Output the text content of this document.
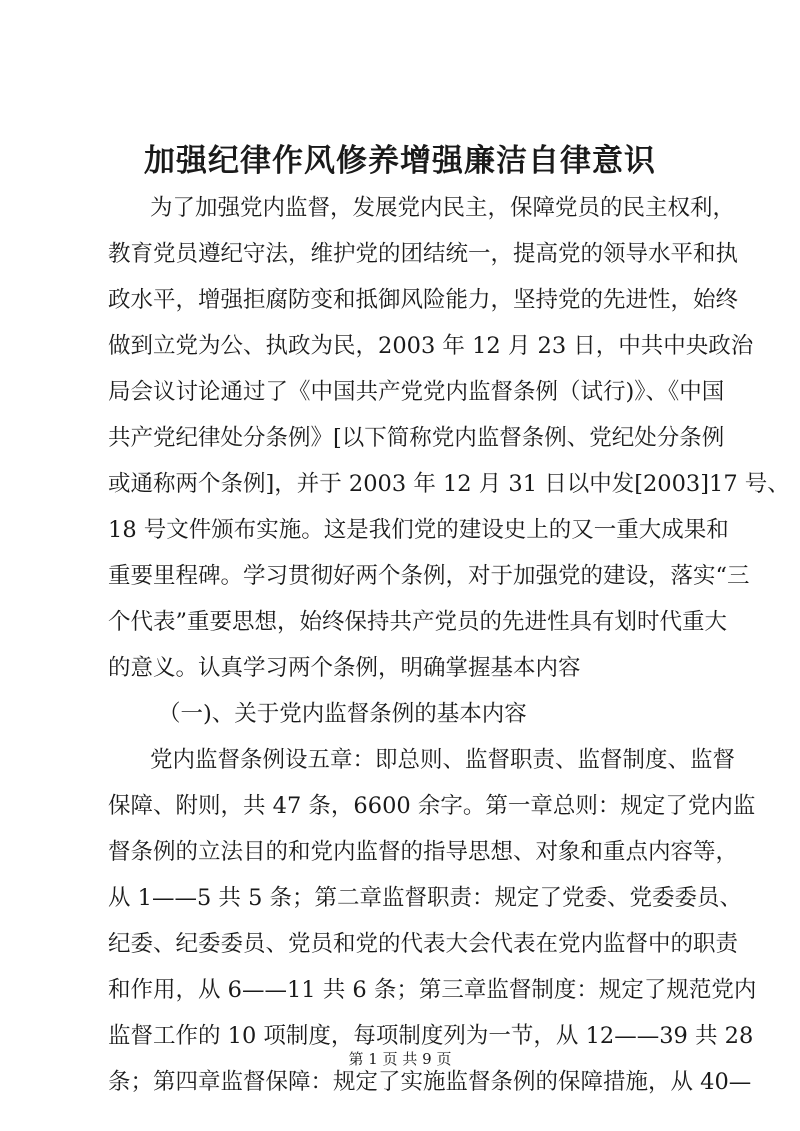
加强纪律作风修养增强廉洁自律意识
为了加强党内监督，发展党内民主，保障党员的民主权利，
教育党员遵纪守法，维护党的团结统一，提高党的领导水平和执
政水平，增强拒腐防变和抵御风险能力，坚持党的先进性，始终
做到立党为公、执政为民，2003 年 12 月 23 日，中共中央政治
局会议讨论通过了《中国共产党党内监督条例（试行)》、《中国
共产党纪律处分条例》[以下简称党内监督条例、党纪处分条例
或通称两个条例]，并于 2003 年 12 月 31 日以中发[2003]17 号、
18 号文件颁布实施。这是我们党的建设史上的又一重大成果和
重要里程碑。学习贯彻好两个条例，对于加强党的建设，落实“三
个代表”重要思想，始终保持共产党员的先进性具有划时代重大
的意义。认真学习两个条例，明确掌握基本内容
（一)、关于党内监督条例的基本内容
党内监督条例设五章：即总则、监督职责、监督制度、监督
保障、附则，共 47 条，6600 余字。第一章总则：规定了党内监
督条例的立法目的和党内监督的指导思想、对象和重点内容等，
从 1——5 共 5 条；第二章监督职责：规定了党委、党委委员、
纪委、纪委委员、党员和党的代表大会代表在党内监督中的职责
和作用，从 6——11 共 6 条；第三章监督制度：规定了规范党内
监督工作的 10 项制度，每项制度列为一节，从 12——39 共 28
条；第四章监督保障：规定了实施监督条例的保障措施，从 40—
第 1 页 共 9 页
